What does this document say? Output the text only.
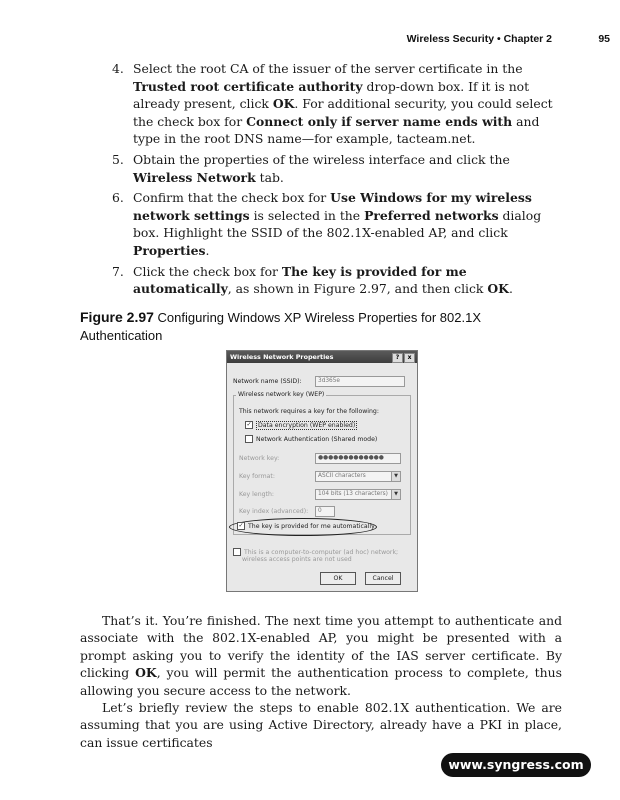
Wireless Security • Chapter 2	95
4. Select the root CA of the issuer of the server certificate in the Trusted root certificate authority drop-down box. If it is not already present, click OK. For additional security, you could select the check box for Connect only if server name ends with and type in the root DNS name—for example, tacteam.net.
5. Obtain the properties of the wireless interface and click the Wireless Network tab.
6. Confirm that the check box for Use Windows for my wireless network settings is selected in the Preferred networks dialog box. Highlight the SSID of the 802.1X-enabled AP, and click Properties.
7. Click the check box for The key is provided for me automatically, as shown in Figure 2.97, and then click OK.
Figure 2.97 Configuring Windows XP Wireless Properties for 802.1X Authentication
Wireless Network Properties	?	x
Network name (SSID):	3d365e
Wireless network key (WEP)
This network requires a key for the following:
✓ Data encryption (WEP enabled)
Network Authentication (Shared mode)
Network key:	●●●●●●●●●●●●●
Key format:	ASCII characters	▼
Key length:	104 bits (13 characters)	▼
Key index (advanced):	0
✓ The key is provided for me automatically
This is a computer-to-computer (ad hoc) network;
wireless access points are not used
OK	Cancel

That’s it. You’re finished. The next time you attempt to authenticate and associate with the 802.1X-enabled AP, you might be presented with a prompt asking you to verify the identity of the IAS server certificate. By clicking OK, you will permit the authentication process to complete, thus allowing you secure access to the network.

Let’s briefly review the steps to enable 802.1X authentication. We are assuming that you are using Active Directory, already have a PKI in place, can issue certificates

www.syngress.com
